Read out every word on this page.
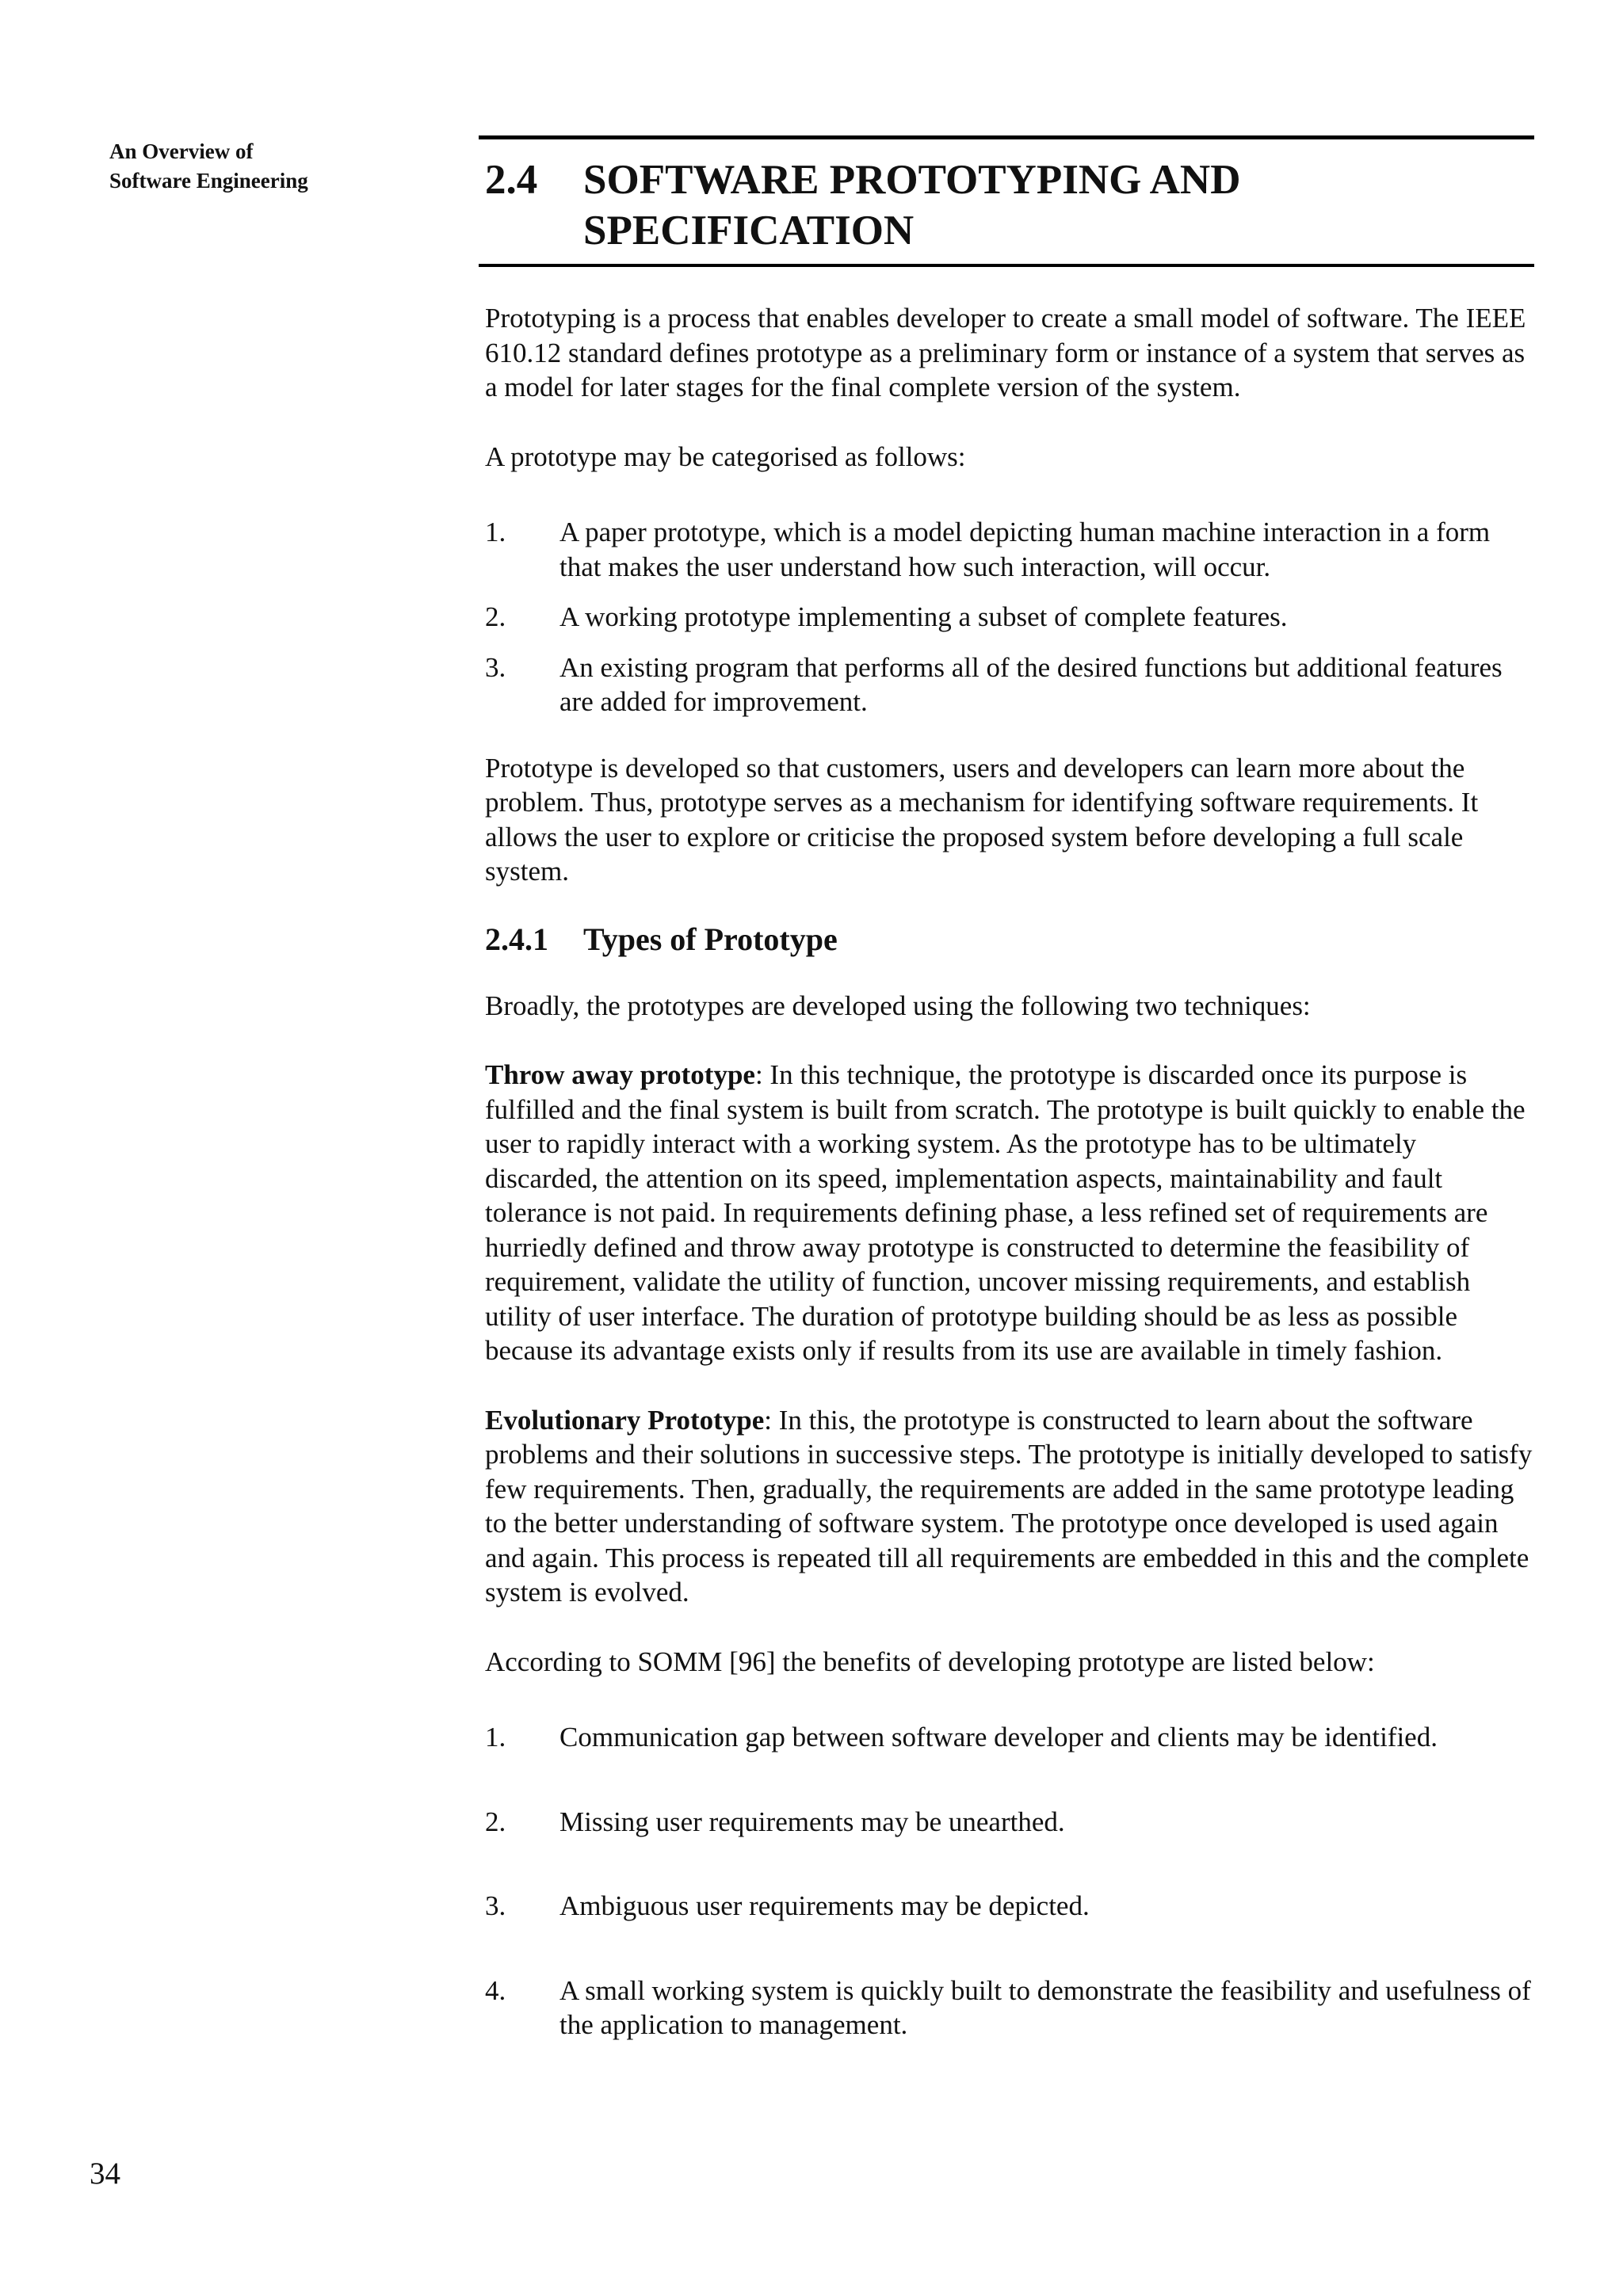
An Overview of
Software Engineering	2.4	SOFTWARE PROTOTYPING AND
SPECIFICATION

Prototyping is a process that enables developer to create a small model of software. The IEEE 610.12 standard defines prototype as a preliminary form or instance of a system that serves as a model for later stages for the final complete version of the system.

A prototype may be categorised as follows:

1.	A paper prototype, which is a model depicting human machine interaction in a form that makes the user understand how such interaction, will occur.
2.	A working prototype implementing a subset of complete features.
3.	An existing program that performs all of the desired functions but additional features are added for improvement.

Prototype is developed so that customers, users and developers can learn more about the problem. Thus, prototype serves as a mechanism for identifying software requirements. It allows the user to explore or criticise the proposed system before developing a full scale system.

2.4.1	Types of Prototype

Broadly, the prototypes are developed using the following two techniques:

Throw away prototype: In this technique, the prototype is discarded once its purpose is fulfilled and the final system is built from scratch. The prototype is built quickly to enable the user to rapidly interact with a working system. As the prototype has to be ultimately discarded, the attention on its speed, implementation aspects, maintainability and fault tolerance is not paid. In requirements defining phase, a less refined set of requirements are hurriedly defined and throw away prototype is constructed to determine the feasibility of requirement, validate the utility of function, uncover missing requirements, and establish utility of user interface. The duration of prototype building should be as less as possible because its advantage exists only if results from its use are available in timely fashion.

Evolutionary Prototype: In this, the prototype is constructed to learn about the software problems and their solutions in successive steps. The prototype is initially developed to satisfy few requirements. Then, gradually, the requirements are added in the same prototype leading to the better understanding of software system. The prototype once developed is used again and again. This process is repeated till all requirements are embedded in this and the complete system is evolved.

According to SOMM [96] the benefits of developing prototype are listed below:

1.	Communication gap between software developer and clients may be identified.
2.	Missing user requirements may be unearthed.
3.	Ambiguous user requirements may be depicted.
4.	A small working system is quickly built to demonstrate the feasibility and usefulness of the application to management.
34
